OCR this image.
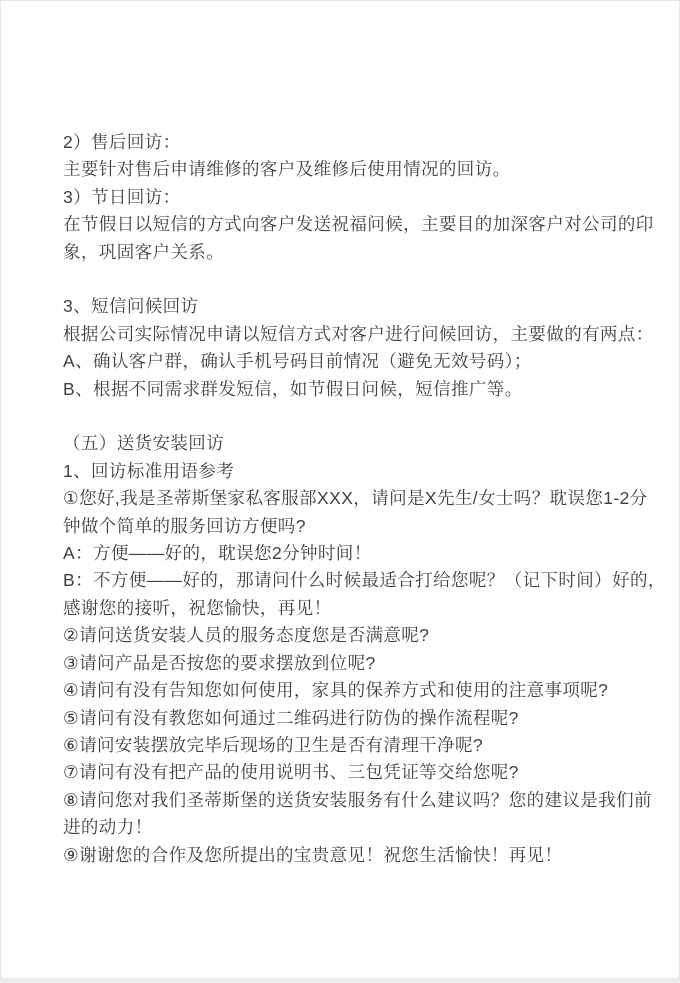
2）售后回访：

主要针对售后申请维修的客户及维修后使用情况的回访。

3）节日回访：

在节假日以短信的方式向客户发送祝福问候，主要目的加深客户对公司的印

象，巩固客户关系。

3、短信问候回访

根据公司实际情况申请以短信方式对客户进行问候回访，主要做的有两点：

A、确认客户群，确认手机号码目前情况（避免无效号码）；

B、根据不同需求群发短信，如节假日问候，短信推广等。

（五）送货安装回访

1、回访标准用语参考

①您好,我是圣蒂斯堡家私客服部XXX，请问是X先生/女士吗？耽误您1-2分

钟做个简单的服务回访方便吗?

A：方便——好的，耽误您2分钟时间！

B：不方便——好的，那请问什么时候最适合打给您呢？（记下时间）好的，

感谢您的接听，祝您愉快，再见！

②请问送货安装人员的服务态度您是否满意呢?

③请问产品是否按您的要求摆放到位呢?

④请问有没有告知您如何使用，家具的保养方式和使用的注意事项呢?

⑤请问有没有教您如何通过二维码进行防伪的操作流程呢?

⑥请问安装摆放完毕后现场的卫生是否有清理干净呢?

⑦请问有没有把产品的使用说明书、三包凭证等交给您呢?

⑧请问您对我们圣蒂斯堡的送货安装服务有什么建议吗？您的建议是我们前

进的动力！

⑨谢谢您的合作及您所提出的宝贵意见！祝您生活愉快！再见！
